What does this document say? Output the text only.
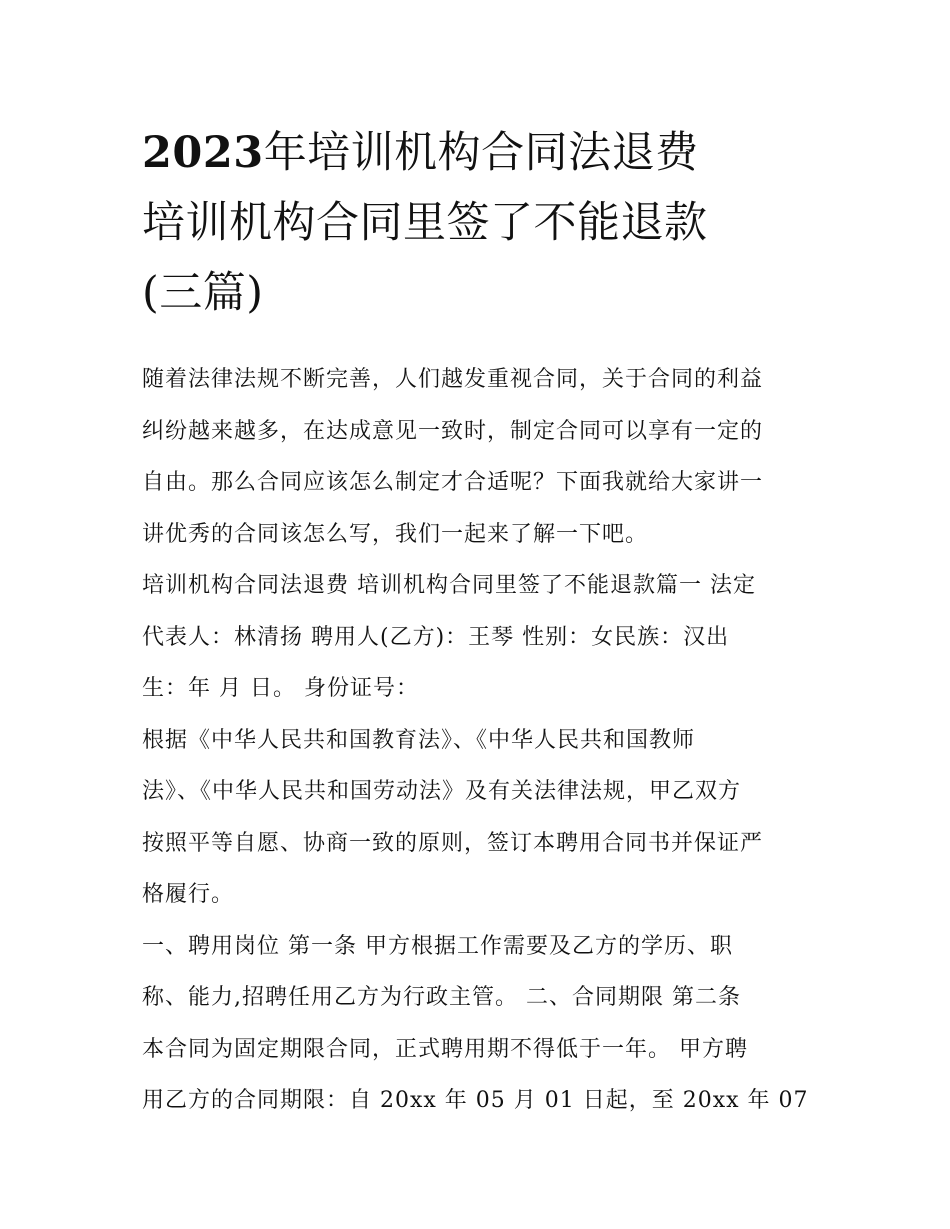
2023年培训机构合同法退费
培训机构合同里签了不能退款
(三篇)

随着法律法规不断完善，人们越发重视合同，关于合同的利益
纠纷越来越多，在达成意见一致时，制定合同可以享有一定的
自由。那么合同应该怎么制定才合适呢？下面我就给大家讲一
讲优秀的合同该怎么写，我们一起来了解一下吧。

培训机构合同法退费 培训机构合同里签了不能退款篇一 法定
代表人：林清扬 聘用人(乙方)：王琴 性别：女民族：汉出
生：年 月 日。 身份证号：

根据《中华人民共和国教育法》、《中华人民共和国教师
法》、《中华人民共和国劳动法》及有关法律法规，甲乙双方
按照平等自愿、协商一致的原则，签订本聘用合同书并保证严
格履行。

一、聘用岗位 第一条 甲方根据工作需要及乙方的学历、职
称、能力,招聘任用乙方为行政主管。 二、合同期限 第二条
本合同为固定期限合同，正式聘用期不得低于一年。 甲方聘
用乙方的合同期限：自 20xx 年 05 月 01 日起，至 20xx 年 07
